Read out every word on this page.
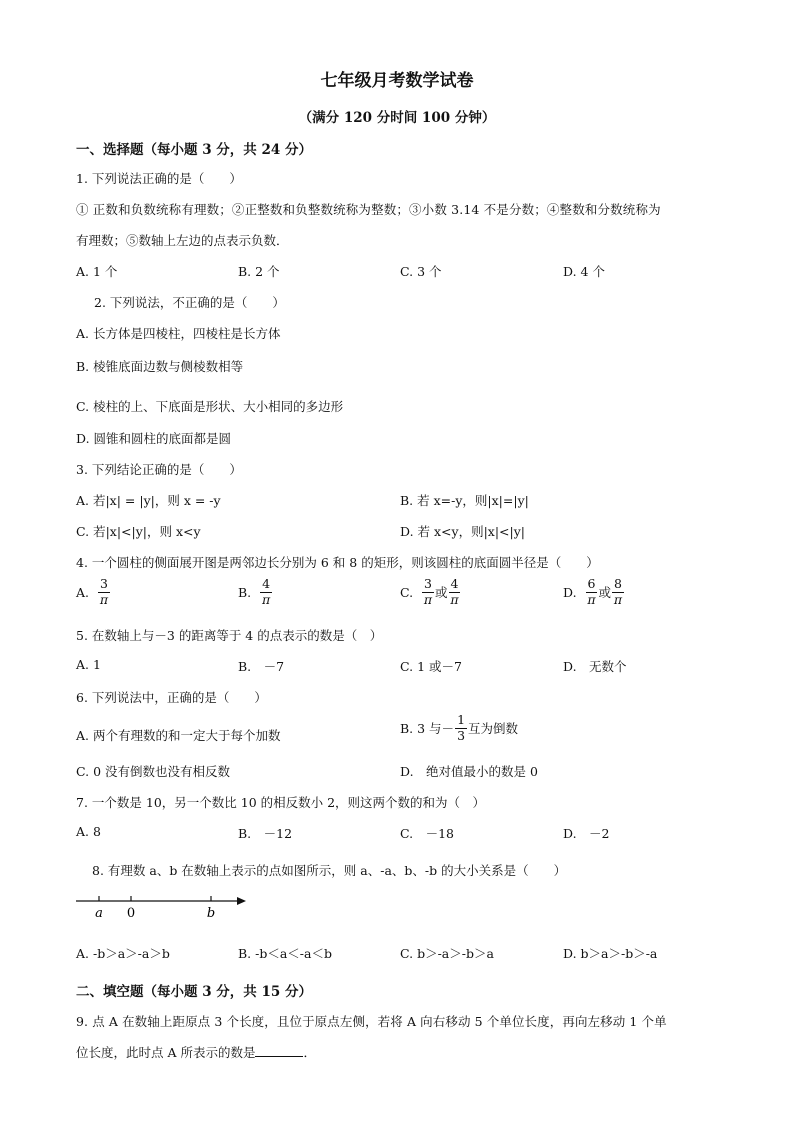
七年级月考数学试卷
（满分 120 分时间 100 分钟）
一、选择题（每小题 3 分，共 24 分）
1. 下列说法正确的是（　　）
① 正数和负数统称有理数；②正整数和负整数统称为整数；③小数 3.14 不是分数；④整数和分数统称为
有理数；⑤数轴上左边的点表示负数．
A. 1 个	B. 2 个	C. 3 个	D. 4 个
2. 下列说法，不正确的是（　　）
A. 长方体是四棱柱，四棱柱是长方体
B. 棱锥底面边数与侧棱数相等
C. 棱柱的上、下底面是形状、大小相同的多边形
D. 圆锥和圆柱的底面都是圆
3. 下列结论正确的是（　　）
A. 若|x| = |y|，则 x = -y	B. 若 x=-y，则|x|=|y|
C. 若|x|<|y|，则 x<y	D. 若 x<y，则|x|<|y|
4. 一个圆柱的侧面展开图是两邻边长分别为 6 和 8 的矩形，则该圆柱的底面圆半径是（　　）
A.
$\frac{3}{\pi}$	B.
$\frac{4}{\pi}$	C.
$\frac{3}{\pi}$ 或 $\frac{4}{\pi}$	D.
$\frac{6}{\pi}$ 或 $\frac{8}{\pi}$
5. 在数轴上与－3 的距离等于 4 的点表示的数是（　）
A. 1	B.　－7	C. 1 或－7	D.　无数个
6. 下列说法中，正确的是（　　）
A. 两个有理数的和一定大于每个加数	B. 3 与－ $\frac{1}{3}$ 互为倒数
C. 0 没有倒数也没有相反数	D.　绝对值最小的数是 0
7. 一个数是 10，另一个数比 10 的相反数小 2，则这两个数的和为（　）
A. 8	B.　－12	C.　－18	D.　－2
8. 有理数 a、b 在数轴上表示的点如图所示，则 a、-a、b、-b 的大小关系是（　　）
a 0	b
A. -b＞a＞-a＞b	B. -b＜a＜-a＜b	C. b＞-a＞-b＞a	D. b＞a＞-b＞-a
二、填空题（每小题 3 分，共 15 分）
9. 点 A 在数轴上距原点 3 个长度，且位于原点左侧，若将 A 向右移动 5 个单位长度，再向左移动 1 个单
位长度，此时点 A 所表示的数是	．
